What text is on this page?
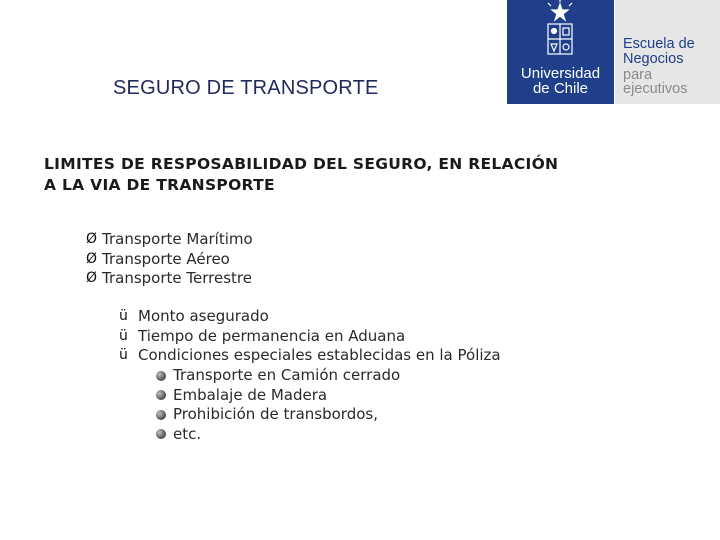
SEGURO DE TRANSPORTE
Universidad
de Chile
Escuela de
Negocios
para
ejecutivos
LIMITES DE RESPOSABILIDAD DEL SEGURO, EN RELACIÓN
A LA VIA DE TRANSPORTE
Ø Transporte Marítimo
Ø Transporte Aéreo
Ø Transporte Terrestre
ü Monto asegurado
ü Tiempo de permanencia en Aduana
ü Condiciones especiales establecidas en la Póliza
Transporte en Camión cerrado
Embalaje de Madera
Prohibición de transbordos,
etc.
